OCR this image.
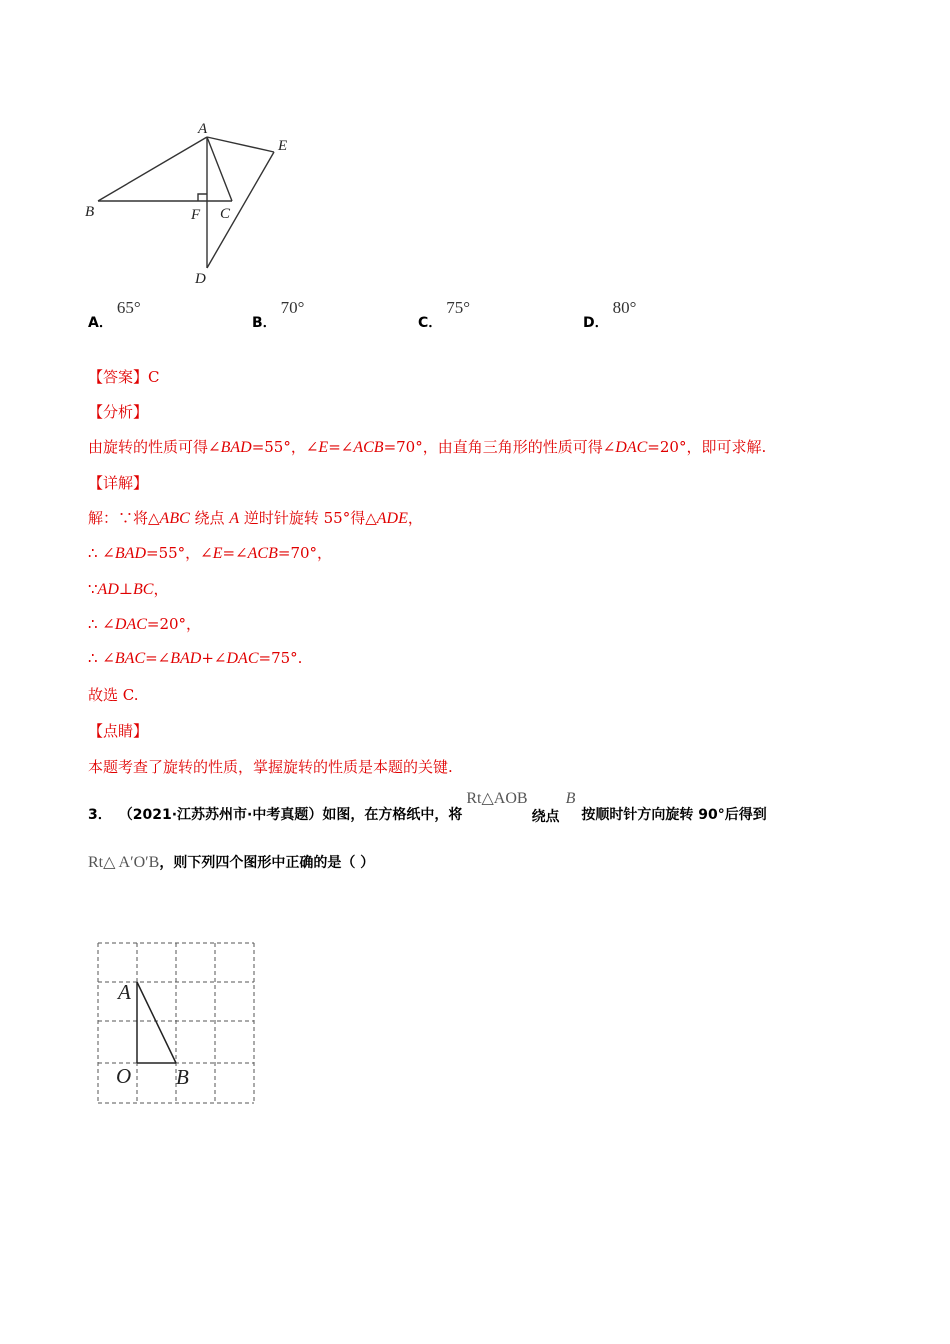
A
B	F C
D
E
A．65°
B．70°
C．75°
D．80°
【答案】C
【分析】
由旋转的性质可得∠BAD=55°，∠E=∠ACB=70°，由直角三角形的性质可得∠DAC=20°，即可求解.
【详解】
解：∵将△ABC 绕点 A 逆时针旋转 55°得△ADE，
∴ ∠BAD=55°，∠E=∠ACB=70°，
∵AD⊥BC，
∴ ∠DAC=20°，
∴ ∠BAC=∠BAD+∠DAC=75°.
故选 C.
【点睛】
本题考查了旋转的性质，掌握旋转的性质是本题的关键.
3． （2021·江苏苏州市·中考真题）如图，在方格纸中，将Rt△AOB绕点B按顺时针方向旋转 90°后得到
Rt△ A′O′B，则下列四个图形中正确的是（ ）
A
O B
